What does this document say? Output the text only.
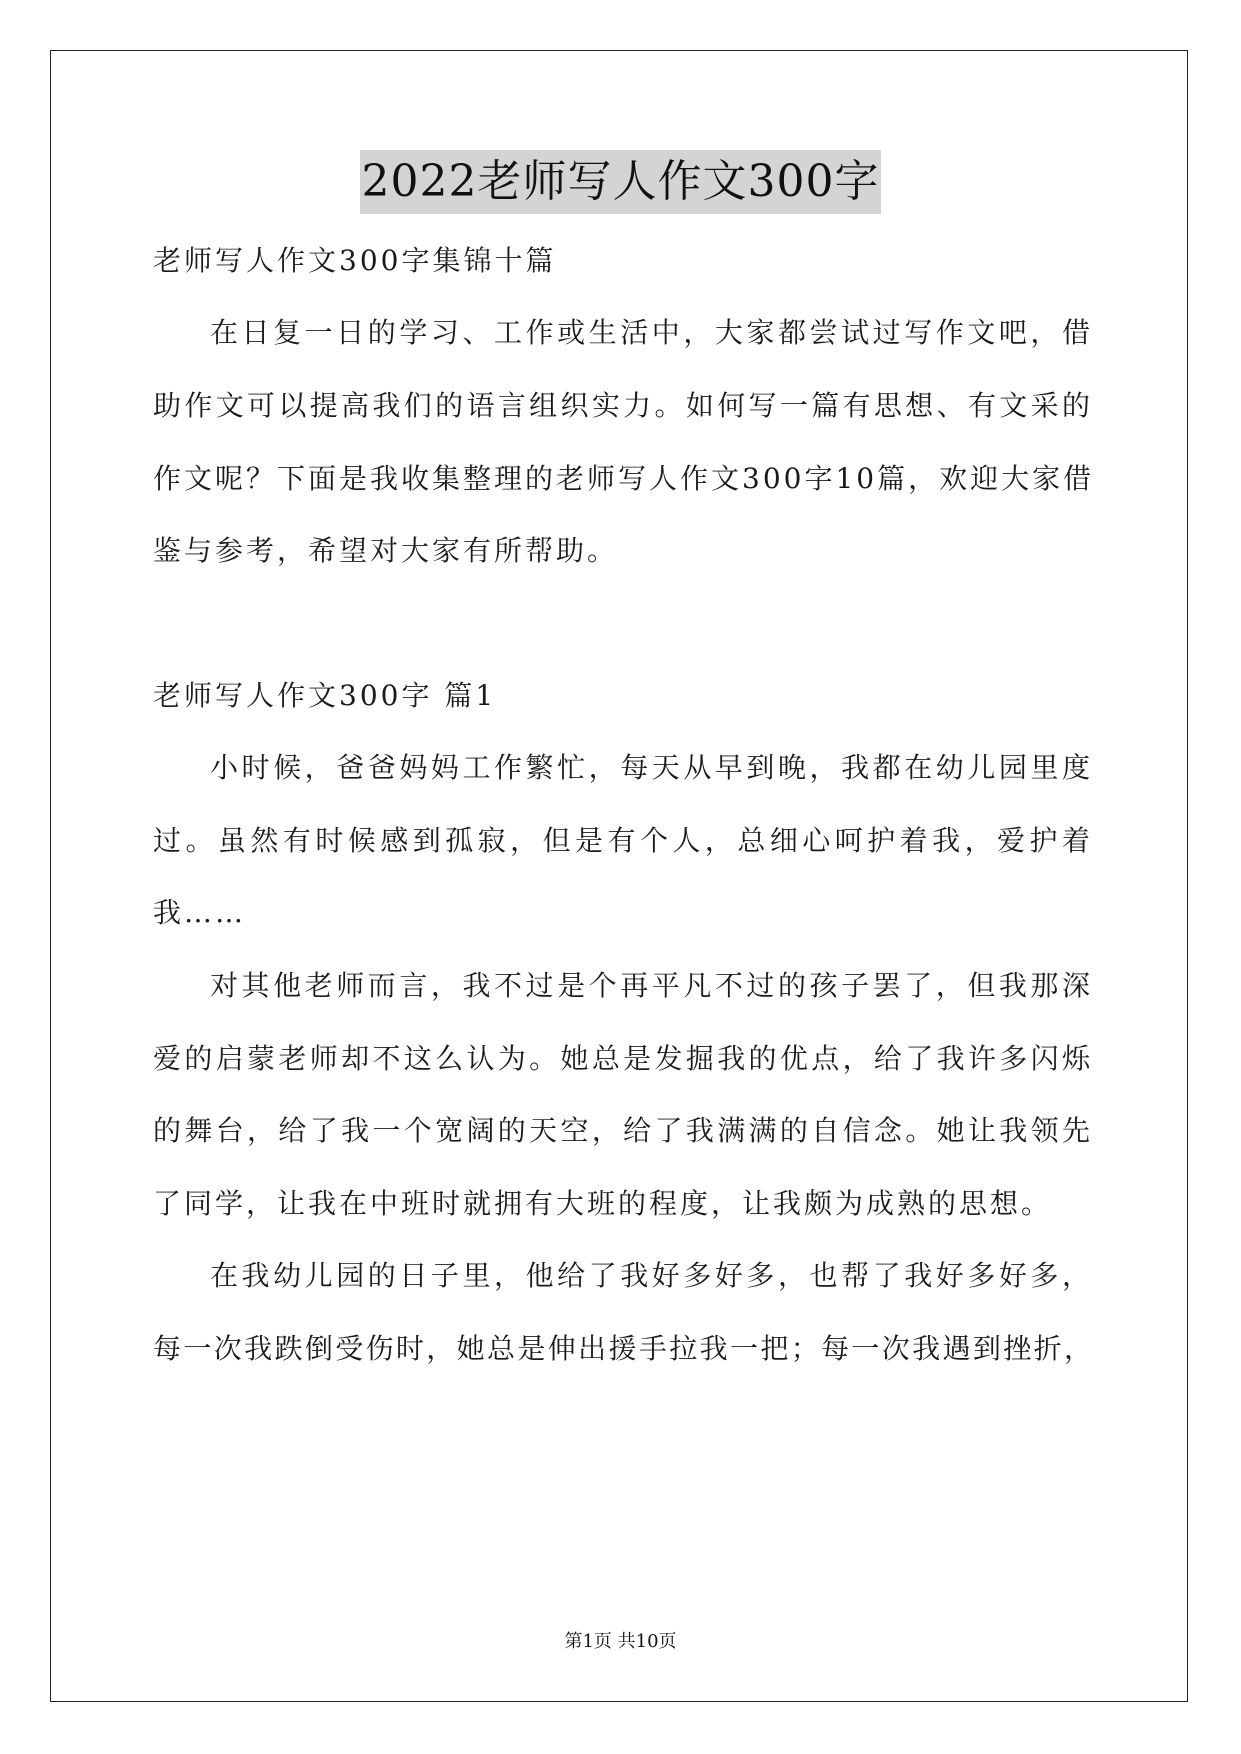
2022老师写人作文300字
老师写人作文300字集锦十篇
在日复一日的学习、工作或生活中，大家都尝试过写作文吧，借
助作文可以提高我们的语言组织实力。如何写一篇有思想、有文采的
作文呢？下面是我收集整理的老师写人作文300字10篇，欢迎大家借
鉴与参考，希望对大家有所帮助。
老师写人作文300字 篇1
小时候，爸爸妈妈工作繁忙，每天从早到晚，我都在幼儿园里度
过。虽然有时候感到孤寂，但是有个人，总细心呵护着我，爱护着
我……
对其他老师而言，我不过是个再平凡不过的孩子罢了，但我那深
爱的启蒙老师却不这么认为。她总是发掘我的优点，给了我许多闪烁
的舞台，给了我一个宽阔的天空，给了我满满的自信念。她让我领先
了同学，让我在中班时就拥有大班的程度，让我颇为成熟的思想。
在我幼儿园的日子里，他给了我好多好多，也帮了我好多好多，
每一次我跌倒受伤时，她总是伸出援手拉我一把；每一次我遇到挫折，
第1页 共10页
